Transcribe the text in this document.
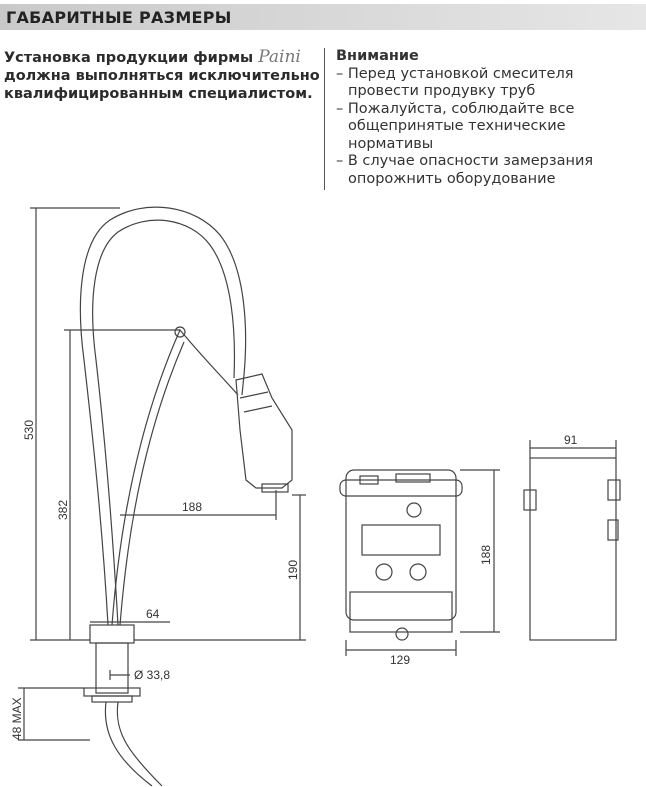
ГАБАРИТНЫЕ РАЗМЕРЫ
Установка продукции фирмы Paini
должна выполняться исключительно
квалифицированным специалистом.
Внимание
– Перед установкой смесителя провести продувку труб
– Пожалуйста, соблюдайте все общепринятые технические нормативы
– В случае опасности замерзания опорожнить оборудование
530
382
190
188
64
Ø 33,8
48 MAX
129
188
91
